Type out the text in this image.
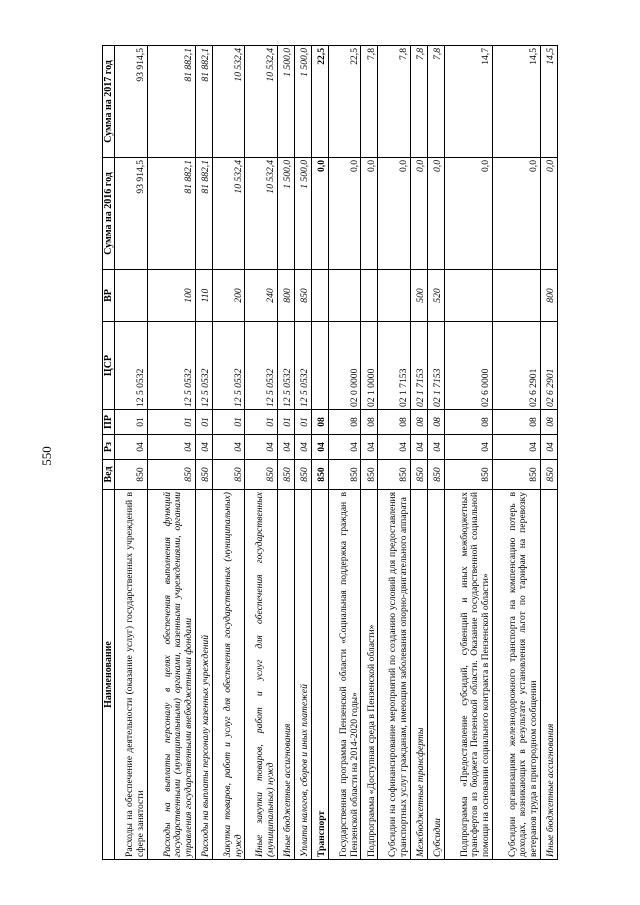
550
Наименование	Вед	Рз	ПР	ЦСР	ВР	Сумма на 2016 год	Сумма на 2017 год
Расходы на обеспечение деятельности (оказание услуг) государственных учреждений в сфере занятости	850	04	01	12 5 0532		93 914,5	93 914,5
Расходы на выплаты персоналу в целях обеспечения выполнения функций государственными (муниципальными) органами, казенными учреждениями, органами управления государственными внебюджетными фондами	850	04	01	12 5 0532	100	81 882,1	81 882,1
Расходы на выплаты персоналу казенных учреждений	850	04	01	12 5 0532	110	81 882,1	81 882,1
Закупка товаров, работ и услуг для обеспечения государственных (муниципальных) нужд	850	04	01	12 5 0532	200	10 532,4	10 532,4
Иные закупки товаров, работ и услуг для обеспечения государственных (муниципальных) нужд	850	04	01	12 5 0532	240	10 532,4	10 532,4
Иные бюджетные ассигнования	850	04	01	12 5 0532	800	1 500,0	1 500,0
Уплата налогов, сборов и иных платежей	850	04	01	12 5 0532	850	1 500,0	1 500,0
Транспорт	850	04	08			0,0	22,5
Государственная программа Пензенской области «Социальная поддержка граждан в Пензенской области на 2014-2020 годы»	850	04	08	02 0 0000		0,0	22,5
Подпрограмма «Доступная среда в Пензенской области»	850	04	08	02 1 0000		0,0	7,8
Субсидии на софинансирование мероприятий по созданию условий для предоставления транспортных услуг гражданам, имеющим заболевания опорно-двигательного аппарата	850	04	08	02 1 7153		0,0	7,8
Межбюджетные трансферты	850	04	08	02 1 7153	500	0,0	7,8
Субсидии	850	04	08	02 1 7153	520	0,0	7,8
Подпрограмма «Предоставление субсидий, субвенций и иных межбюджетных трансфертов из бюджета Пензенской области. Оказание государственной социальной помощи на основании социального контракта в Пензенской области»	850	04	08	02 6 0000		0,0	14,7
Субсидии организациям железнодорожного транспорта на компенсацию потерь в доходах, возникающих в результате установления льгот по тарифам на перевозку ветеранов труда в пригородном сообщении	850	04	08	02 6 2901		0,0	14,5
Иные бюджетные ассигнования	850	04	08	02 6 2901	800	0,0	14,5
